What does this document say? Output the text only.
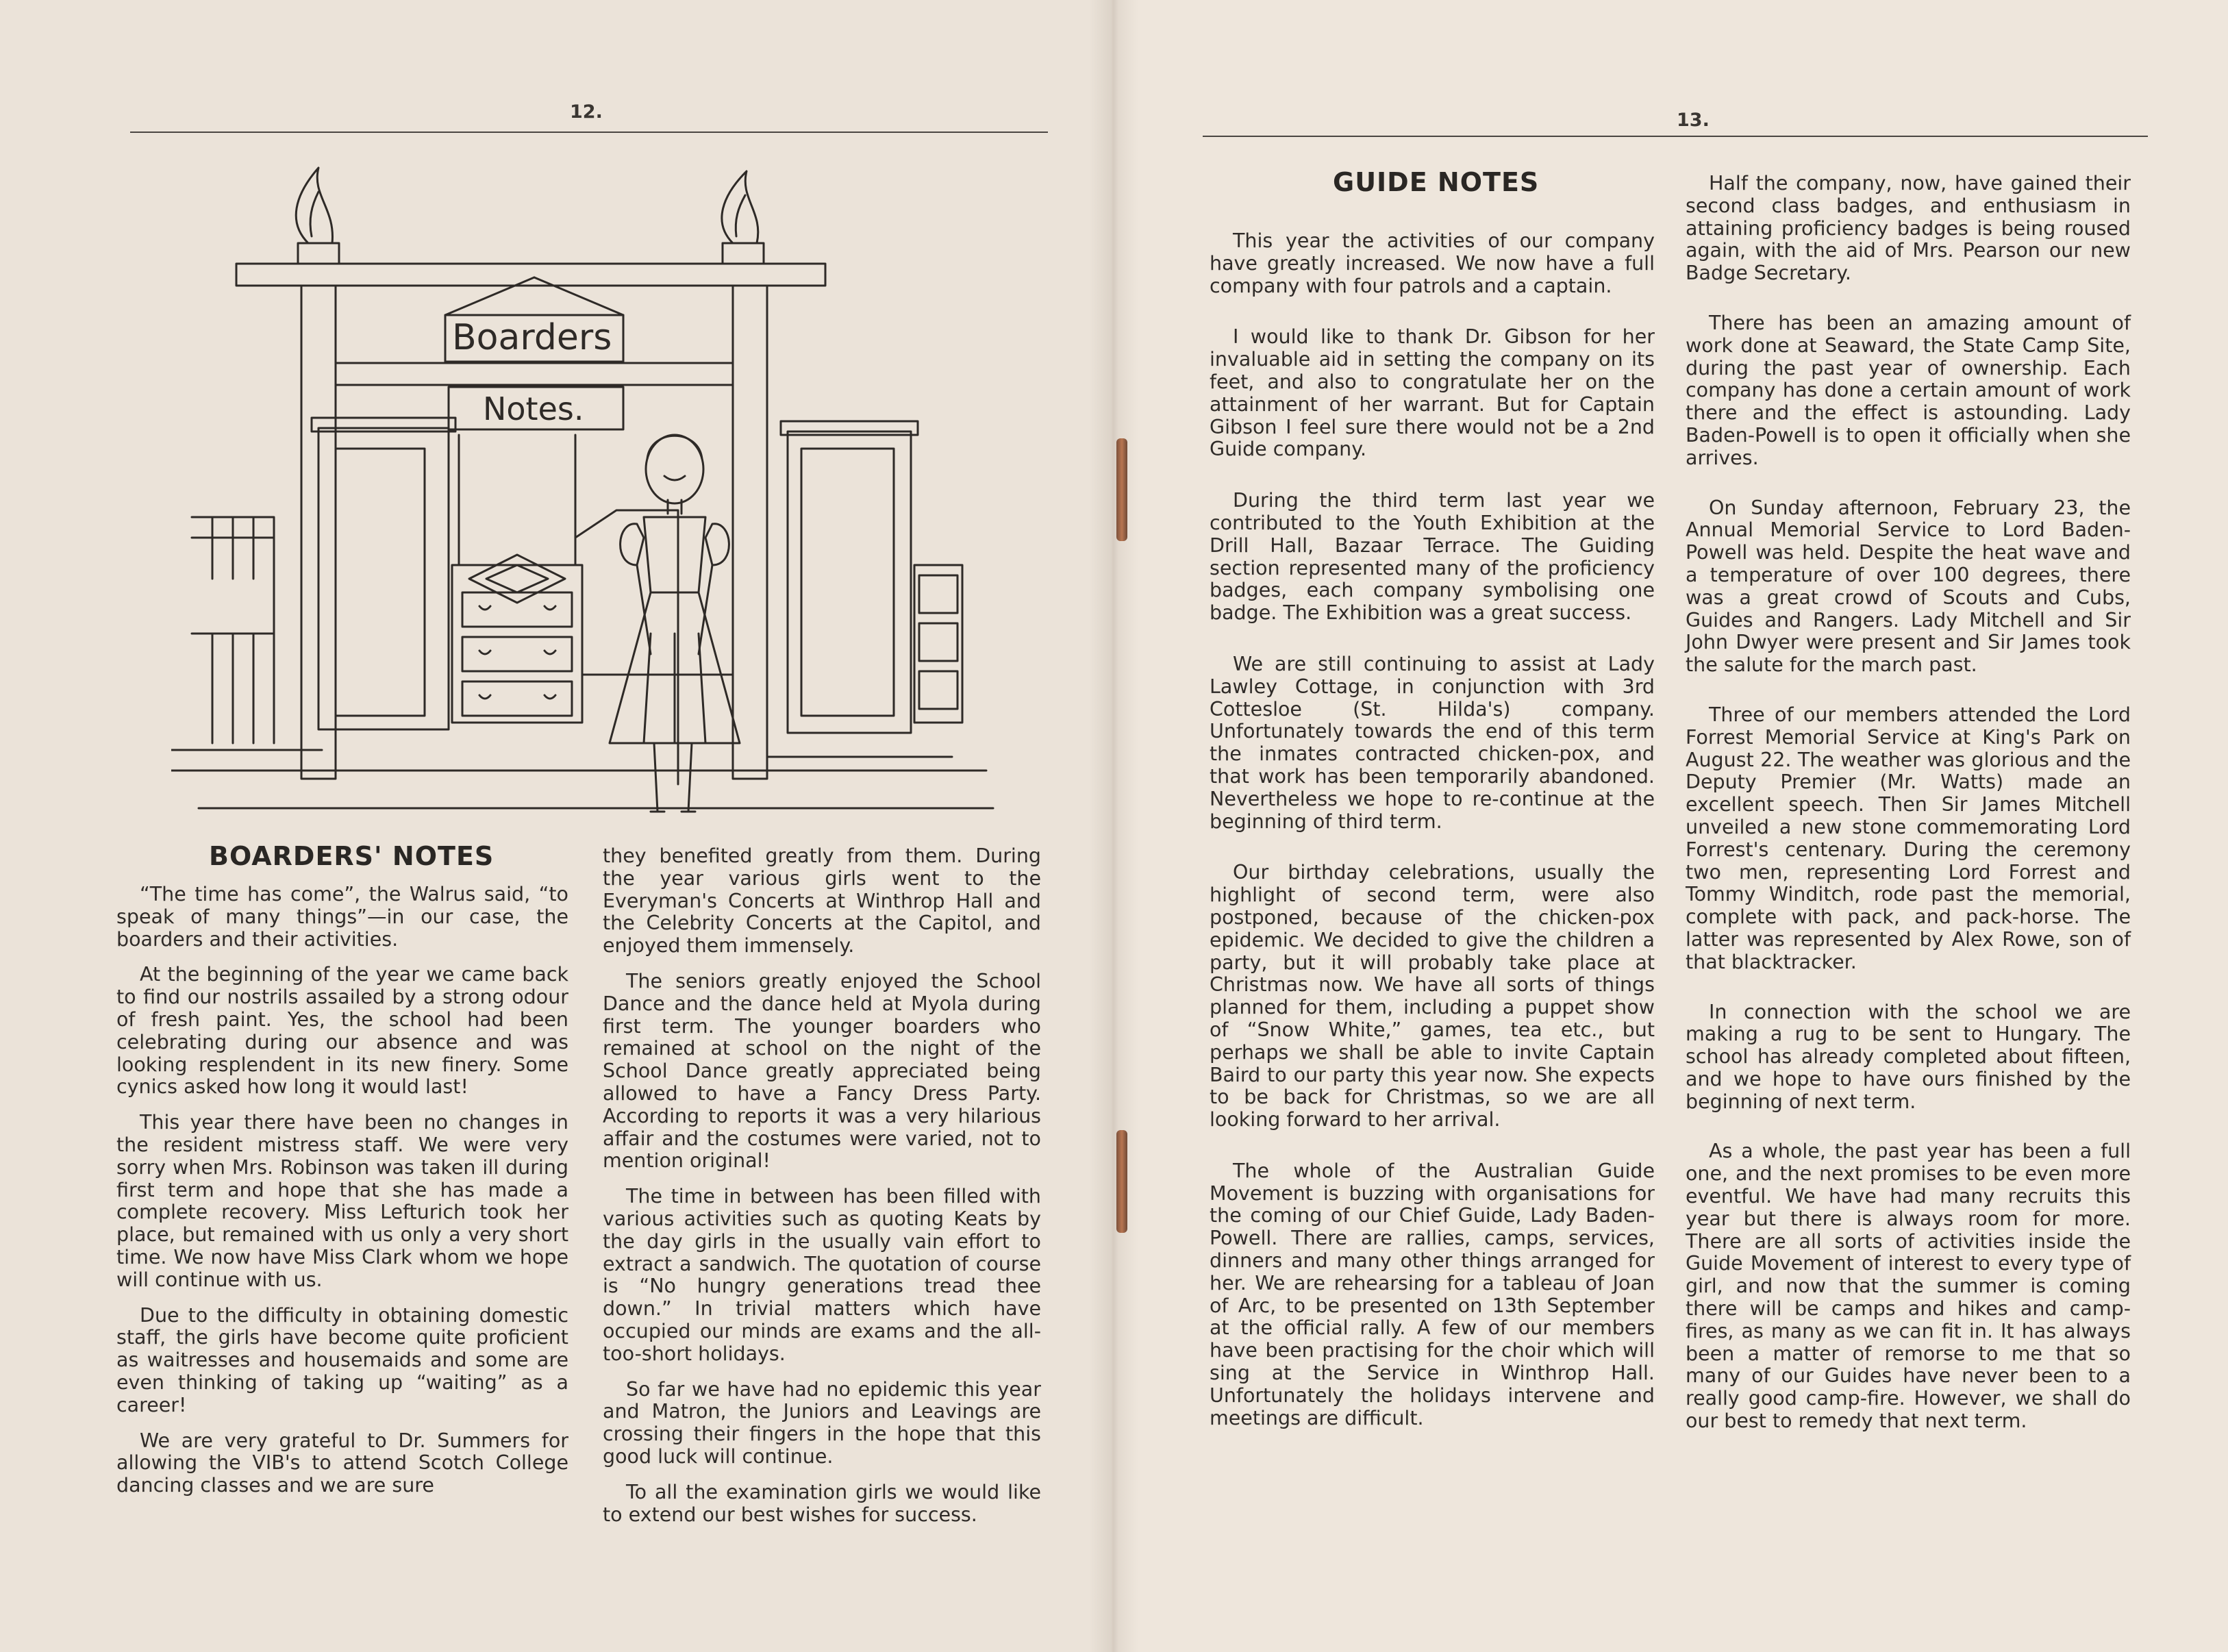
12.
Boarders
Notes.
BOARDERS' NOTES

“The time has come”, the Walrus said, “to speak of many things”—in our case, the boarders and their activities.

At the beginning of the year we came back to find our nostrils assailed by a strong odour of fresh paint. Yes, the school had been celebrating during our absence and was looking resplendent in its new finery. Some cynics asked how long it would last!

This year there have been no changes in the resident mistress staff. We were very sorry when Mrs. Robinson was taken ill during first term and hope that she has made a complete recovery. Miss Lefturich took her place, but remained with us only a very short time. We now have Miss Clark whom we hope will continue with us.

Due to the difficulty in obtaining domestic staff, the girls have become quite proficient as waitresses and housemaids and some are even thinking of taking up “waiting” as a career!

We are very grateful to Dr. Summers for allowing the VIB's to attend Scotch College dancing classes and we are sure

they benefited greatly from them. During the year various girls went to the Everyman's Concerts at Winthrop Hall and the Celebrity Concerts at the Capitol, and enjoyed them immensely.

The seniors greatly enjoyed the School Dance and the dance held at Myola during first term. The younger boarders who remained at school on the night of the School Dance greatly appreciated being allowed to have a Fancy Dress Party. According to reports it was a very hilarious affair and the costumes were varied, not to mention original!

The time in between has been filled with various activities such as quoting Keats by the day girls in the usually vain effort to extract a sandwich. The quotation of course is “No hungry generations tread thee down.” In trivial matters which have occupied our minds are exams and the all-too-short holidays.

So far we have had no epidemic this year and Matron, the Juniors and Leavings are crossing their fingers in the hope that this good luck will continue.

To all the examination girls we would like to extend our best wishes for success.

13.
GUIDE NOTES

This year the activities of our company have greatly increased. We now have a full company with four patrols and a captain.

I would like to thank Dr. Gibson for her invaluable aid in setting the company on its feet, and also to congratulate her on the attainment of her warrant. But for Captain Gibson I feel sure there would not be a 2nd Guide company.

During the third term last year we contributed to the Youth Exhibition at the Drill Hall, Bazaar Terrace. The Guiding section represented many of the proficiency badges, each company symbolising one badge. The Exhibition was a great success.

We are still continuing to assist at Lady Lawley Cottage, in conjunction with 3rd Cottesloe (St. Hilda's) company. Unfortunately towards the end of this term the inmates contracted chicken-pox, and that work has been temporarily abandoned. Nevertheless we hope to re-continue at the beginning of third term.

Our birthday celebrations, usually the highlight of second term, were also postponed, because of the chicken-pox epidemic. We decided to give the children a party, but it will probably take place at Christmas now. We have all sorts of things planned for them, including a puppet show of “Snow White,” games, tea etc., but perhaps we shall be able to invite Captain Baird to our party this year now. She expects to be back for Christmas, so we are all looking forward to her arrival.

The whole of the Australian Guide Movement is buzzing with organisations for the coming of our Chief Guide, Lady Baden-Powell. There are rallies, camps, services, dinners and many other things arranged for her. We are rehearsing for a tableau of Joan of Arc, to be presented on 13th September at the official rally. A few of our members have been practising for the choir which will sing at the Service in Winthrop Hall. Unfortunately the holidays intervene and meetings are difficult.

Half the company, now, have gained their second class badges, and enthusiasm in attaining proficiency badges is being roused again, with the aid of Mrs. Pearson our new Badge Secretary.

There has been an amazing amount of work done at Seaward, the State Camp Site, during the past year of ownership. Each company has done a certain amount of work there and the effect is astounding. Lady Baden-Powell is to open it officially when she arrives.

On Sunday afternoon, February 23, the Annual Memorial Service to Lord Baden-Powell was held. Despite the heat wave and a temperature of over 100 degrees, there was a great crowd of Scouts and Cubs, Guides and Rangers. Lady Mitchell and Sir John Dwyer were present and Sir James took the salute for the march past.

Three of our members attended the Lord Forrest Memorial Service at King's Park on August 22. The weather was glorious and the Deputy Premier (Mr. Watts) made an excellent speech. Then Sir James Mitchell unveiled a new stone commemorating Lord Forrest's centenary. During the ceremony two men, representing Lord Forrest and Tommy Winditch, rode past the memorial, complete with pack, and pack-horse. The latter was represented by Alex Rowe, son of that blacktracker.

In connection with the school we are making a rug to be sent to Hungary. The school has already completed about fifteen, and we hope to have ours finished by the beginning of next term.

As a whole, the past year has been a full one, and the next promises to be even more eventful. We have had many recruits this year but there is always room for more. There are all sorts of activities inside the Guide Movement of interest to every type of girl, and now that the summer is coming there will be camps and hikes and camp-fires, as many as we can fit in. It has always been a matter of remorse to me that so many of our Guides have never been to a really good camp-fire. However, we shall do our best to remedy that next term.
